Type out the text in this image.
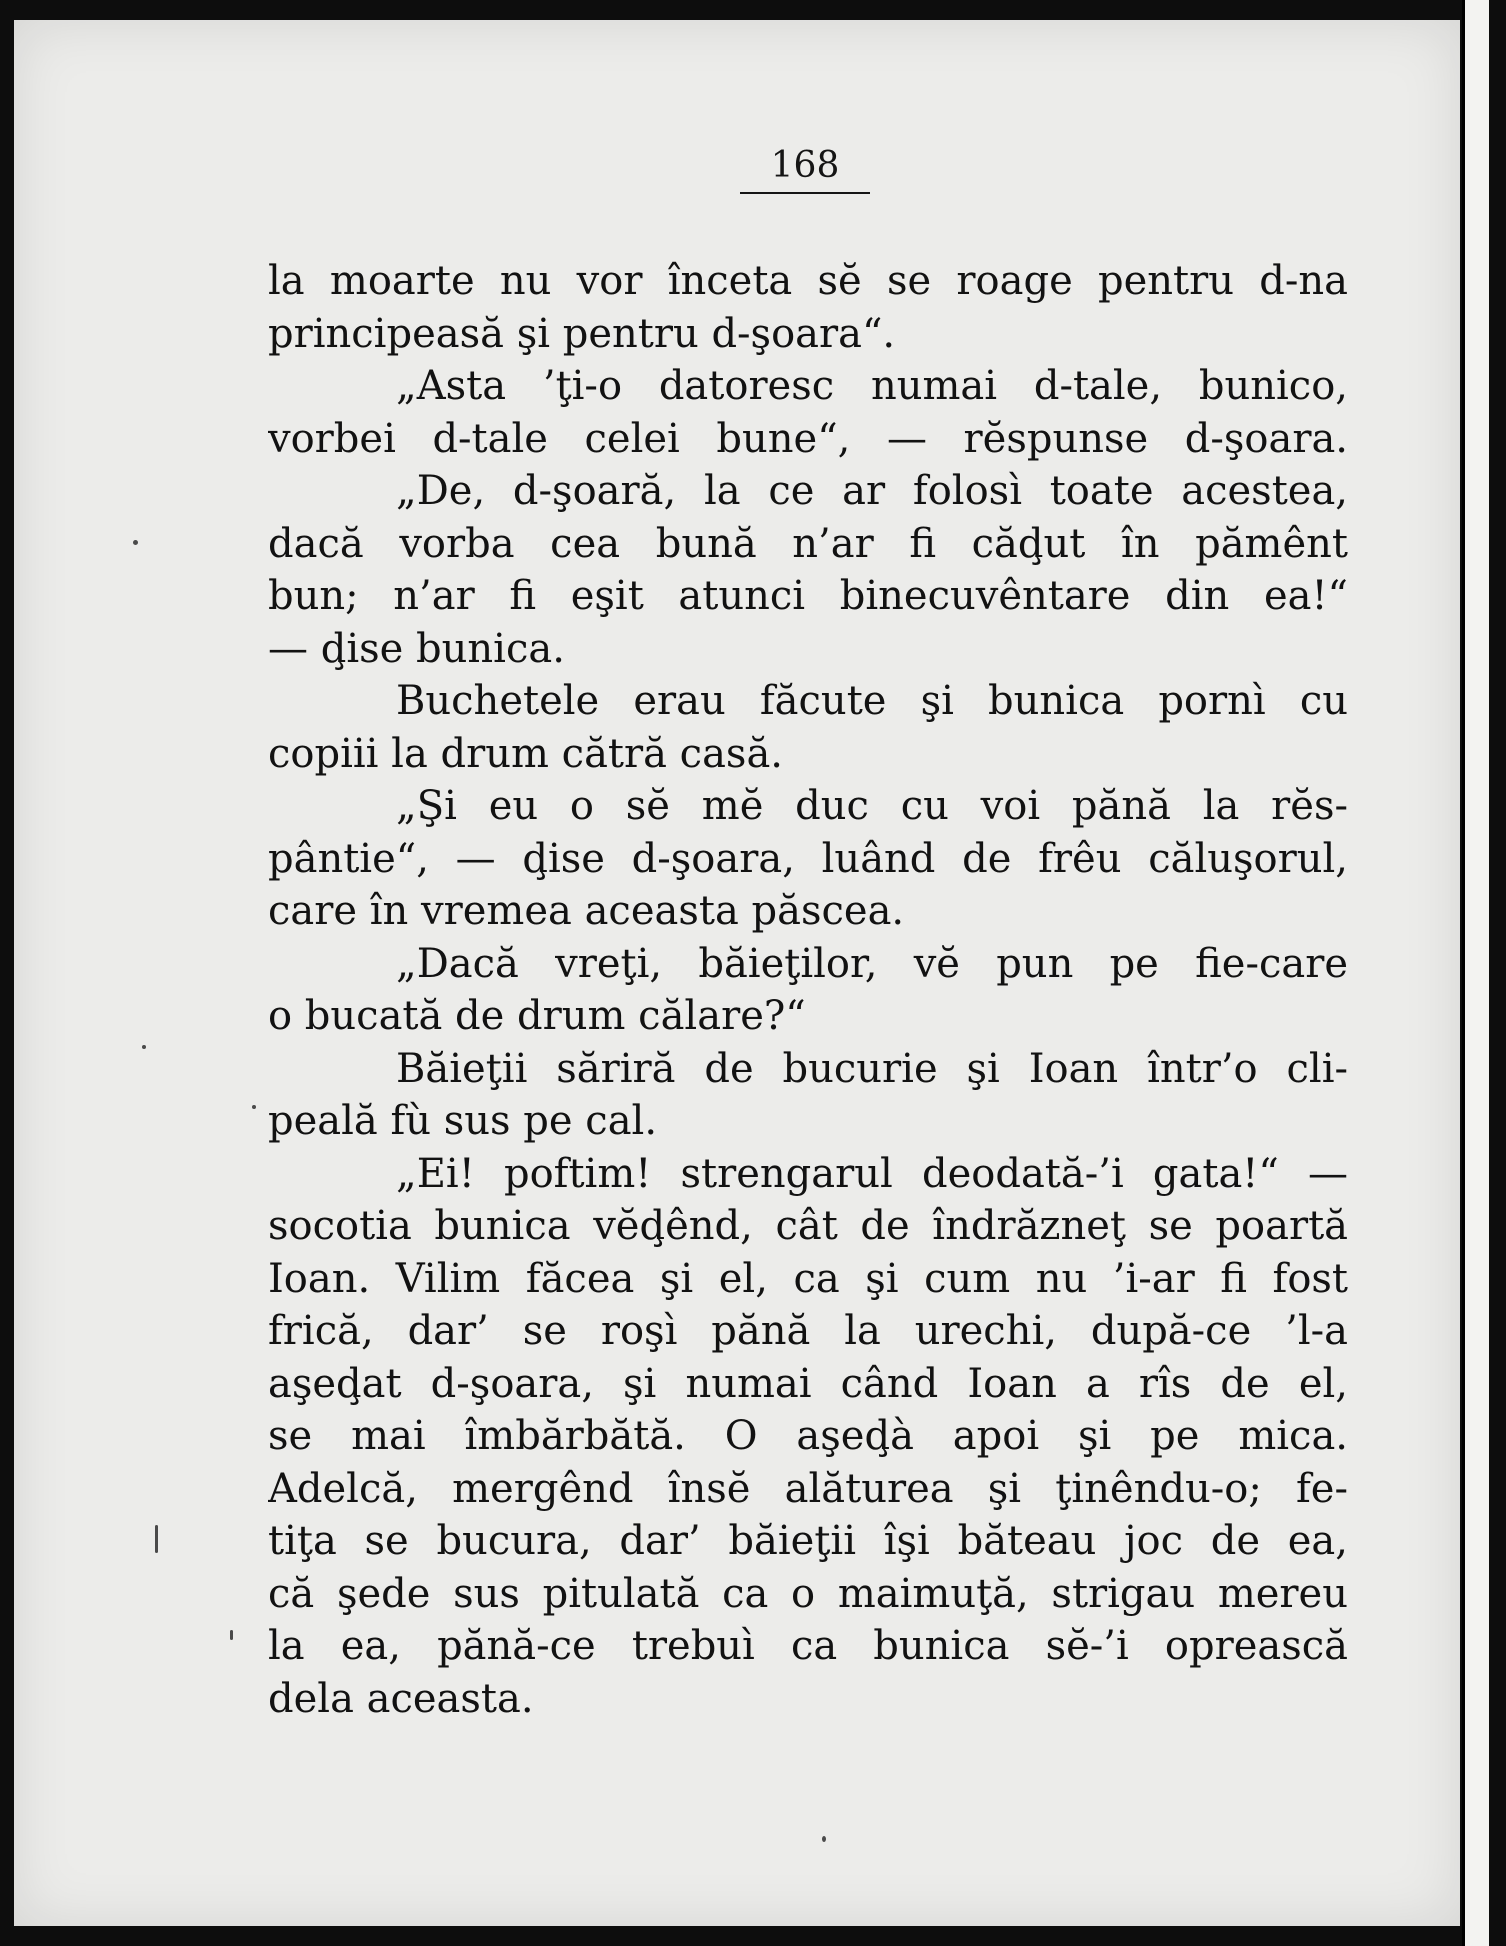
168
la moarte nu vor înceta sĕ se roage pentru d-na
principeasă şi pentru d-şoara“.
„Asta ’ţi-o datoresc numai d-tale, bunico,
vorbei d-tale celei bune“, — rĕspunse d-şoara.
„De, d-şoară, la ce ar folosì toate acestea,
dacă vorba cea bună n’ar fi căḑut în pămênt
bun; n’ar fi eşit atunci binecuvêntare din ea!“
— ḑise bunica.
Buchetele erau făcute şi bunica pornì cu
copiii la drum cătră casă.
„Şi eu o sĕ mĕ duc cu voi pănă la rĕs-
pântie“, — ḑise d-şoara, luând de frêu căluşorul,
care în vremea aceasta păscea.
„Dacă vreţi, băieţilor, vĕ pun pe fie-care
o bucată de drum călare?“
Băieţii săriră de bucurie şi Ioan într’o cli-
peală fù sus pe cal.
„Ei! poftim! strengarul deodată-’i gata!“ —
socotia bunica vĕḑênd, cât de îndrăzneţ se poartă
Ioan. Vilim făcea şi el, ca şi cum nu ’i-ar fi fost
frică, dar’ se roşì pănă la urechi, după-ce ’l-a
aşeḑat d-şoara, şi numai când Ioan a rîs de el,
se mai îmbărbătă. O aşeḑà apoi şi pe mica.
Adelcă, mergênd însĕ alăturea şi ţinêndu-o; fe-
tiţa se bucura, dar’ băieţii îşi băteau joc de ea,
că şede sus pitulată ca o maimuţă, strigau mereu
la ea, pănă-ce trebuì ca bunica sĕ-’i oprească
dela aceasta.
